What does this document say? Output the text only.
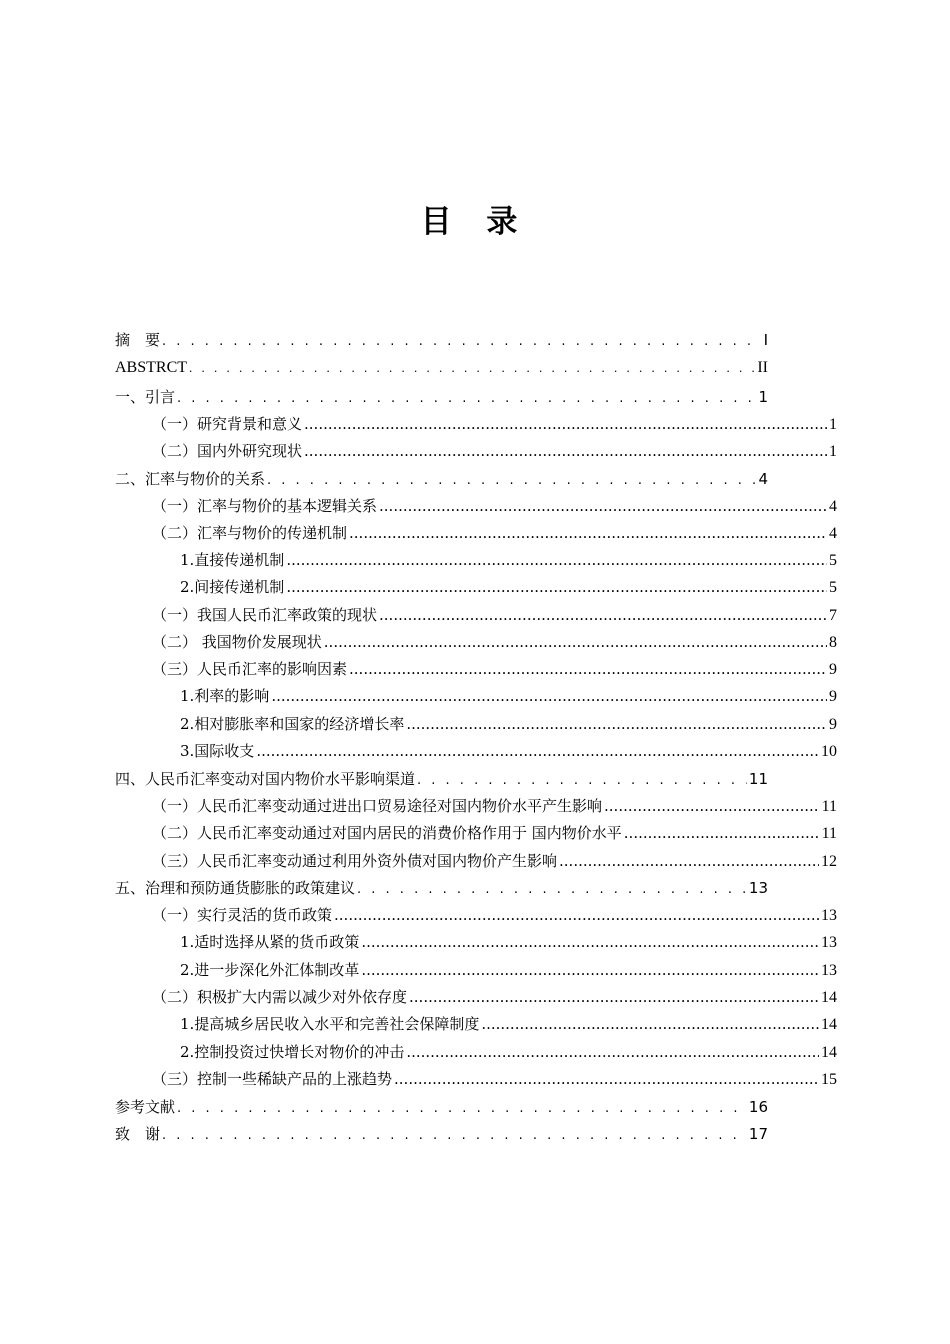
目 录
摘　要 . . .	I
ABSTRCT . . .	II
一、引言 . . .	1
（一）研究背景和意义 .....	1
（二）国内外研究现状 .....	1
二、汇率与物价的关系 . . .	4
（一）汇率与物价的基本逻辑关系 .....	4
（二）汇率与物价的传递机制 .....	4
1.直接传递机制 .....	5
2.间接传递机制 .....	5
（一）我国人民币汇率政策的现状 .....	7
（二） 我国物价发展现状 .....	8
（三）人民币汇率的影响因素 .....	9
1.利率的影响 .....	9
2.相对膨胀率和国家的经济增长率 .....	9
3.国际收支 .....	10
四、人民币汇率变动对国内物价水平影响渠道 . . .	11
（一）人民币汇率变动通过进出口贸易途径对国内物价水平产生影响 .....	11
（二）人民币汇率变动通过对国内居民的消费价格作用于 国内物价水平 .....	11
（三）人民币汇率变动通过利用外资外债对国内物价产生影响 .....	12
五、治理和预防通货膨胀的政策建议 . . .	13
（一）实行灵活的货币政策 .....	13
1.适时选择从紧的货币政策 .....	13
2.进一步深化外汇体制改革 .....	13
（二）积极扩大内需以减少对外依存度 .....	14
1.提高城乡居民收入水平和完善社会保障制度 .....	14
2.控制投资过快增长对物价的冲击 .....	14
（三）控制一些稀缺产品的上涨趋势 .....	15
参考文献 . . .	16
致　谢 . . .	17
